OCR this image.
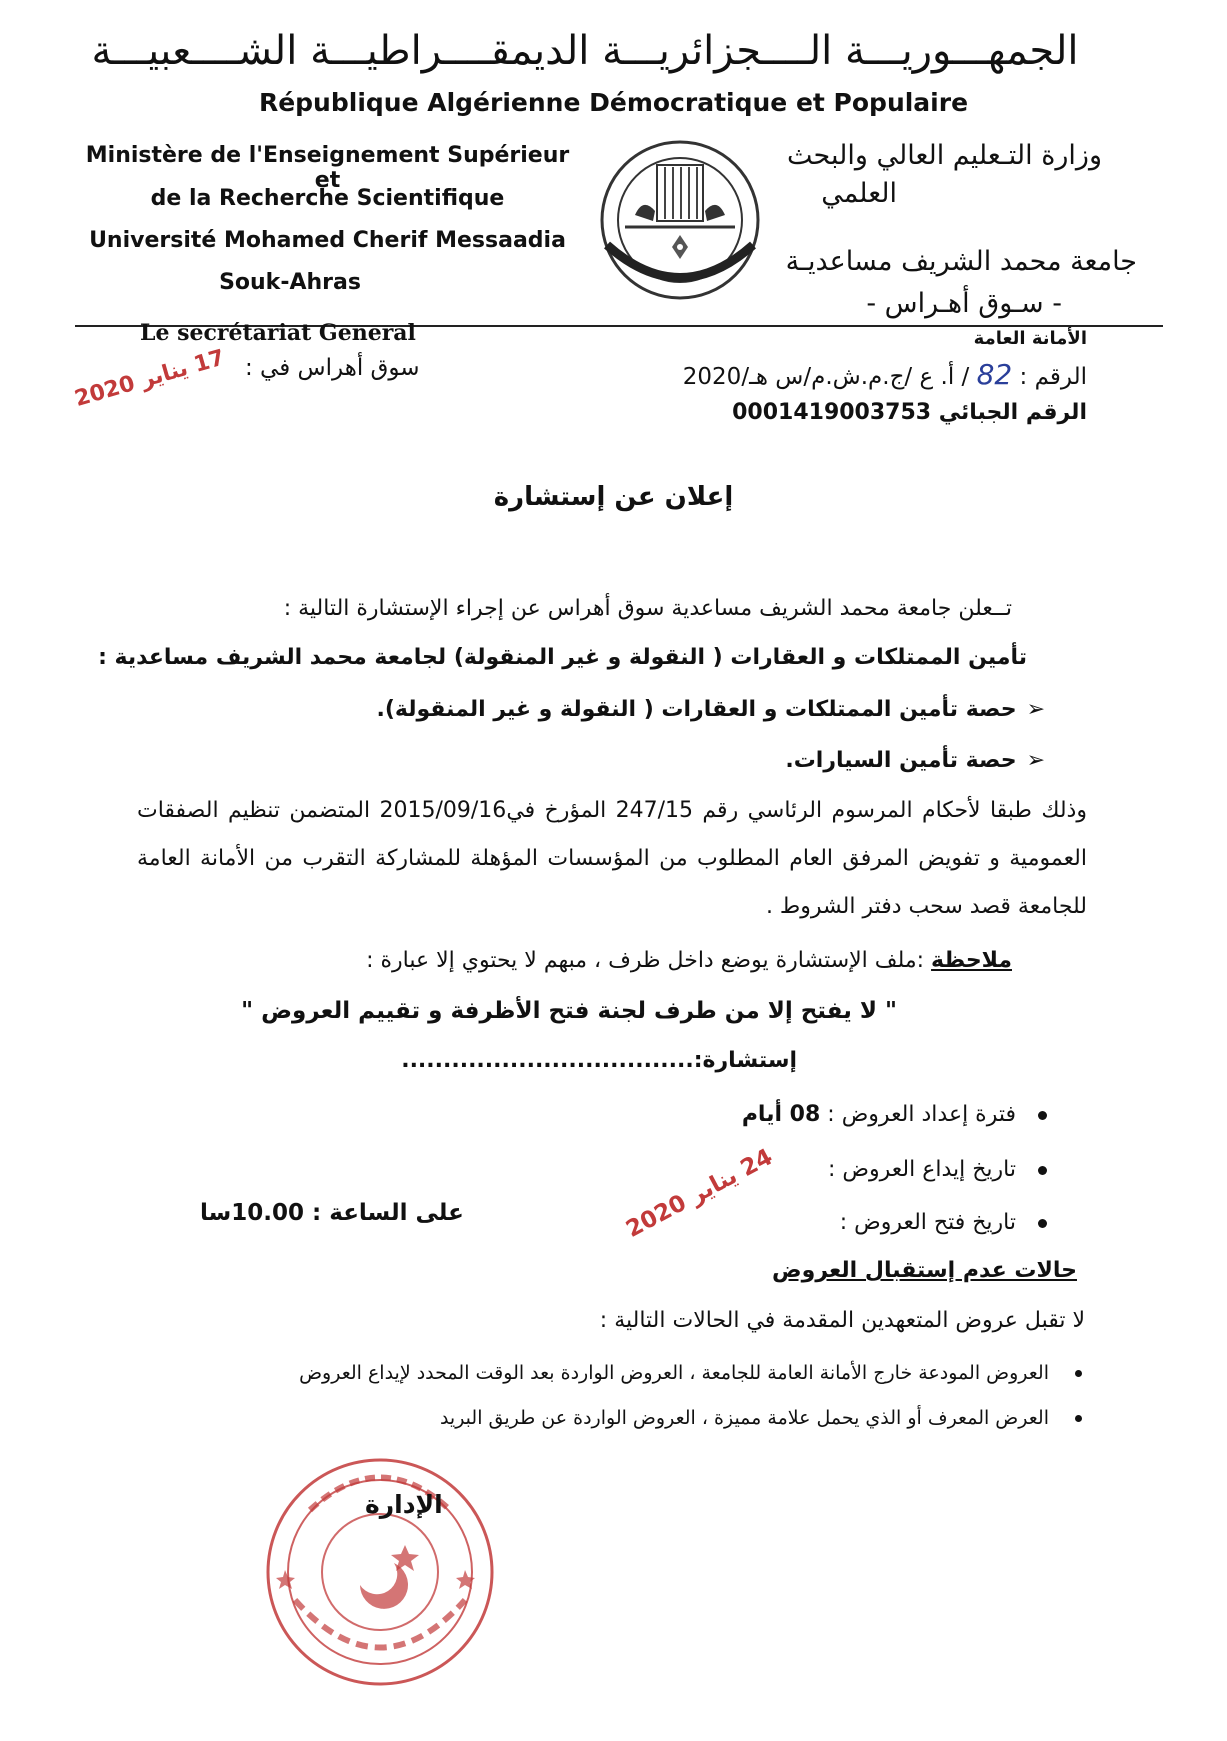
الجمهـــوريـــة الــــجزائريـــة الديمقــــراطيـــة الشــــعبيـــة
République Algérienne Démocratique et Populaire
Ministère de l'Enseignement Supérieur et
de la Recherche Scientifique
Université Mohamed Cherif Messaadia
Souk-Ahras
وزارة التـعليم العالي والبحث
العلمي
جامعة محمد الشريف مساعديـة
- سـوق أهـراس -
Le secrétariat General	الأمانة العامة
الرقم : 82 / أ. ع /ج.م.ش.م/س هـ/2020
الرقم الجبائي 0001419003753
سوق أهراس في :
17 يناير 2020
إعلان عن إستشارة
تــعلن جامعة محمد الشريف مساعدية سوق أهراس عن إجراء الإستشارة التالية :
تأمين الممتلكات و العقارات ( النقولة و غير المنقولة) لجامعة محمد الشريف مساعدية :
➢حصة تأمين الممتلكات و العقارات ( النقولة و غير المنقولة).
➢حصة تأمين السيارات.
وذلك طبقا لأحكام المرسوم الرئاسي رقم 247/15 المؤرخ في2015/09/16 المتضمن تنظيم الصفقات
العمومية و تفويض المرفق العام المطلوب من المؤسسات المؤهلة للمشاركة التقرب من الأمانة العامة
للجامعة قصد سحب دفتر الشروط .
ملاحظة :ملف الإستشارة يوضع داخل ظرف ، مبهم لا يحتوي إلا عبارة :
" لا يفتح إلا من طرف لجنة فتح الأظرفة و تقييم العروض "
إستشارة:...................................
فترة إعداد العروض : 08 أيام
تاريخ إيداع العروض :
تاريخ فتح العروض :
على الساعة : 10.00سا	24 يناير 2020
حالات عدم إستقبال العروض
لا تقبل عروض المتعهدين المقدمة في الحالات التالية :
العروض المودعة خارج الأمانة العامة للجامعة ، العروض الواردة بعد الوقت المحدد لإيداع العروض
العرض المعرف أو الذي يحمل علامة مميزة ، العروض الواردة عن طريق البريد
الإدارة
